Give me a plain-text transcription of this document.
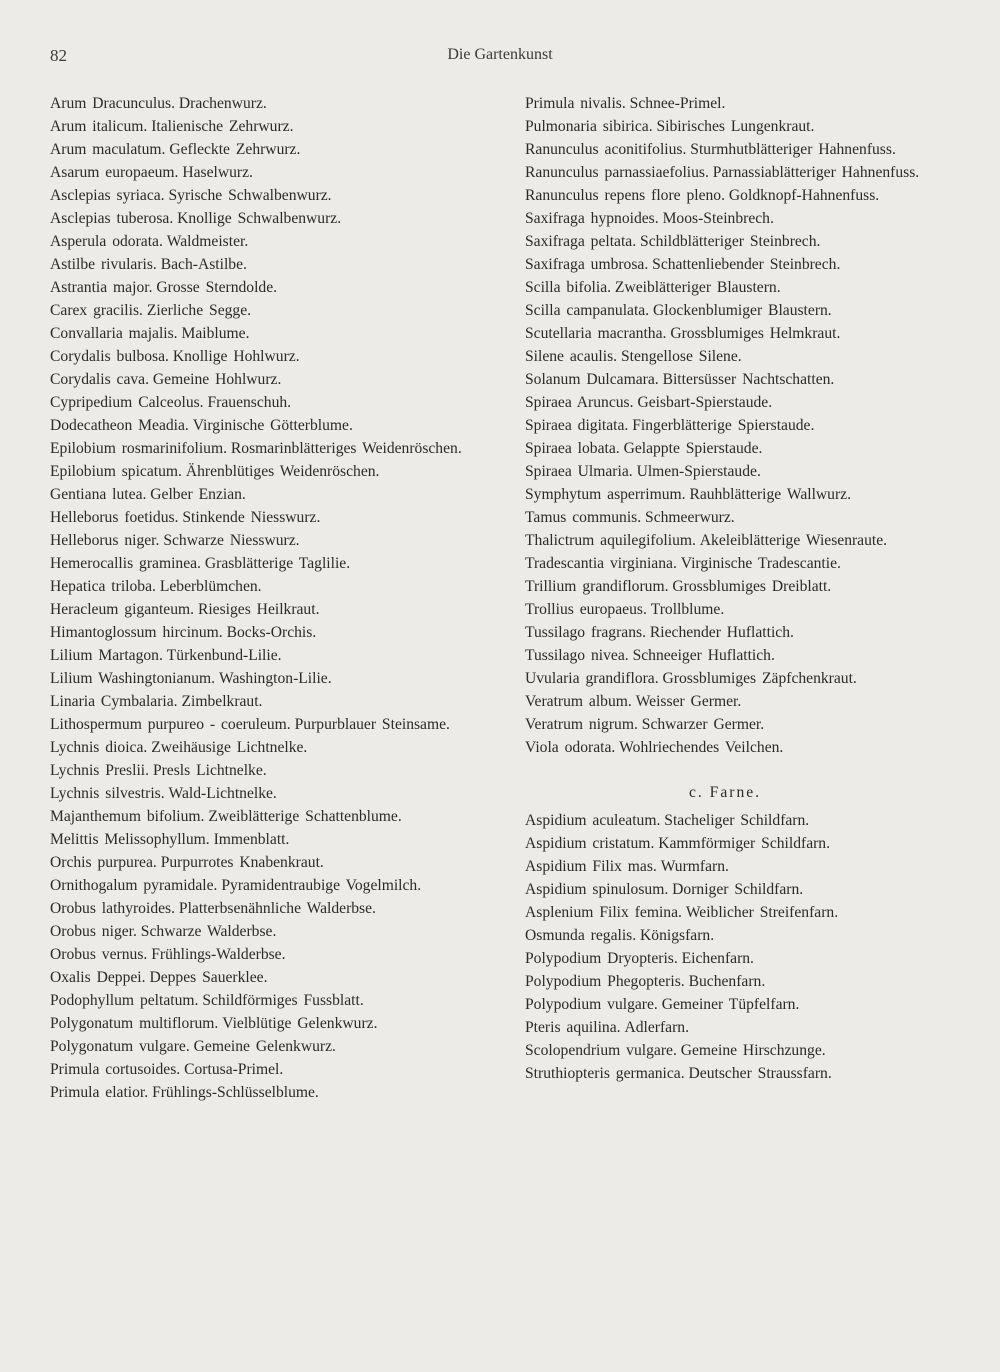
82	Die Gartenkunst

Arum Dracunculus. Drachenwurz.

Arum italicum. Italienische Zehrwurz.

Arum maculatum. Gefleckte Zehrwurz.

Asarum europaeum. Haselwurz.

Asclepias syriaca. Syrische Schwalbenwurz.

Asclepias tuberosa. Knollige Schwalbenwurz.

Asperula odorata. Waldmeister.

Astilbe rivularis. Bach-Astilbe.

Astrantia major. Grosse Sterndolde.

Carex gracilis. Zierliche Segge.

Convallaria majalis. Maiblume.

Corydalis bulbosa. Knollige Hohlwurz.

Corydalis cava. Gemeine Hohlwurz.

Cypripedium Calceolus. Frauenschuh.

Dodecatheon Meadia. Virginische Götterblume.

Epilobium rosmarinifolium. Rosmarinblätteriges Weidenröschen.

Epilobium spicatum. Ährenblütiges Weidenröschen.

Gentiana lutea. Gelber Enzian.

Helleborus foetidus. Stinkende Niesswurz.

Helleborus niger. Schwarze Niesswurz.

Hemerocallis graminea. Grasblätterige Taglilie.

Hepatica triloba. Leberblümchen.

Heracleum giganteum. Riesiges Heilkraut.

Himantoglossum hircinum. Bocks-Orchis.

Lilium Martagon. Türkenbund-Lilie.

Lilium Washingtonianum. Washington-Lilie.

Linaria Cymbalaria. Zimbelkraut.

Lithospermum purpureo - coeruleum. Purpurblauer Steinsame.

Lychnis dioica. Zweihäusige Lichtnelke.

Lychnis Preslii. Presls Lichtnelke.

Lychnis silvestris. Wald-Lichtnelke.

Majanthemum bifolium. Zweiblätterige Schattenblume.

Melittis Melissophyllum. Immenblatt.

Orchis purpurea. Purpurrotes Knabenkraut.

Ornithogalum pyramidale. Pyramidentraubige Vogelmilch.

Orobus lathyroides. Platterbsenähnliche Walderbse.

Orobus niger. Schwarze Walderbse.

Orobus vernus. Frühlings-Walderbse.

Oxalis Deppei. Deppes Sauerklee.

Podophyllum peltatum. Schildförmiges Fussblatt.

Polygonatum multiflorum. Vielblütige Gelenkwurz.

Polygonatum vulgare. Gemeine Gelenkwurz.

Primula cortusoides. Cortusa-Primel.

Primula elatior. Frühlings-Schlüsselblume.

Primula nivalis. Schnee-Primel.

Pulmonaria sibirica. Sibirisches Lungenkraut.

Ranunculus aconitifolius. Sturmhutblätteriger Hahnenfuss.

Ranunculus parnassiaefolius. Parnassiablätteriger Hahnenfuss.

Ranunculus repens flore pleno. Goldknopf-Hahnenfuss.

Saxifraga hypnoides. Moos-Steinbrech.

Saxifraga peltata. Schildblätteriger Steinbrech.

Saxifraga umbrosa. Schattenliebender Steinbrech.

Scilla bifolia. Zweiblätteriger Blaustern.

Scilla campanulata. Glockenblumiger Blaustern.

Scutellaria macrantha. Grossblumiges Helmkraut.

Silene acaulis. Stengellose Silene.

Solanum Dulcamara. Bittersüsser Nachtschatten.

Spiraea Aruncus. Geisbart-Spierstaude.

Spiraea digitata. Fingerblätterige Spierstaude.

Spiraea lobata. Gelappte Spierstaude.

Spiraea Ulmaria. Ulmen-Spierstaude.

Symphytum asperrimum. Rauhblätterige Wallwurz.

Tamus communis. Schmeerwurz.

Thalictrum aquilegifolium. Akeleiblätterige Wiesenraute.

Tradescantia virginiana. Virginische Tradescantie.

Trillium grandiflorum. Grossblumiges Dreiblatt.

Trollius europaeus. Trollblume.

Tussilago fragrans. Riechender Huflattich.

Tussilago nivea. Schneeiger Huflattich.

Uvularia grandiflora. Grossblumiges Zäpfchenkraut.

Veratrum album. Weisser Germer.

Veratrum nigrum. Schwarzer Germer.

Viola odorata. Wohlriechendes Veilchen.

c. Farne.

Aspidium aculeatum. Stacheliger Schildfarn.

Aspidium cristatum. Kammförmiger Schildfarn.

Aspidium Filix mas. Wurmfarn.

Aspidium spinulosum. Dorniger Schildfarn.

Asplenium Filix femina. Weiblicher Streifenfarn.

Osmunda regalis. Königsfarn.

Polypodium Dryopteris. Eichenfarn.

Polypodium Phegopteris. Buchenfarn.

Polypodium vulgare. Gemeiner Tüpfelfarn.

Pteris aquilina. Adlerfarn.

Scolopendrium vulgare. Gemeine Hirschzunge.

Struthiopteris germanica. Deutscher Straussfarn.
